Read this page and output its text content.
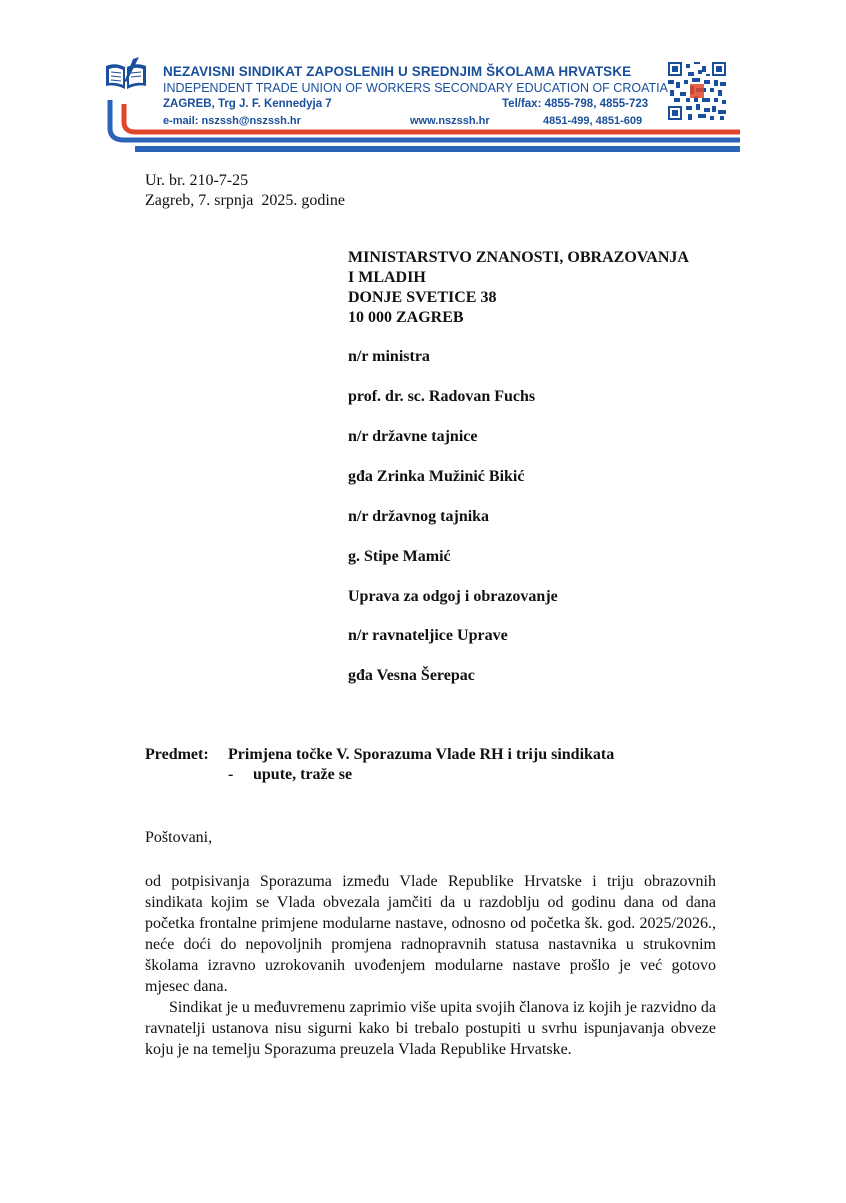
NEZAVISNI SINDIKAT ZAPOSLENIH U SREDNJIM ŠKOLAMA HRVATSKE
INDEPENDENT TRADE UNION OF WORKERS SECONDARY EDUCATION OF CROATIA
ZAGREB, Trg J. F. Kennedyja 7	Tel/fax: 4855-798, 4855-723
e-mail: nszssh@nszssh.hr	www.nszssh.hr	4851-499, 4851-609
Ur. br. 210-7-25
Zagreb, 7. srpnja  2025. godine
MINISTARSTVO ZNANOSTI, OBRAZOVANJA
I MLADIH
DONJE SVETICE 38
10 000 ZAGREB
n/r ministra
prof. dr. sc. Radovan Fuchs
n/r državne tajnice
gđa Zrinka Mužinić Bikić
n/r državnog tajnika
g. Stipe Mamić
Uprava za odgoj i obrazovanje
n/r ravnateljice Uprave
gđa Vesna Šerepac
Predmet: Primjena točke V. Sporazuma Vlade RH i triju sindikata
- upute, traže se
Poštovani,

od potpisivanja Sporazuma između Vlade Republike Hrvatske i triju obrazovnih sindikata kojim se Vlada obvezala jamčiti da u razdoblju od godinu dana od dana početka frontalne primjene modularne nastave, odnosno od početka šk. god. 2025/2026., neće doći do nepovoljnih promjena radnopravnih statusa nastavnika u strukovnim školama izravno uzrokovanih uvođenjem modularne nastave prošlo je već gotovo mjesec dana.

Sindikat je u međuvremenu zaprimio više upita svojih članova iz kojih je razvidno da ravnatelji ustanova nisu sigurni kako bi trebalo postupiti u svrhu ispunjavanja obveze koju je na temelju Sporazuma preuzela Vlada Republike Hrvatske.
